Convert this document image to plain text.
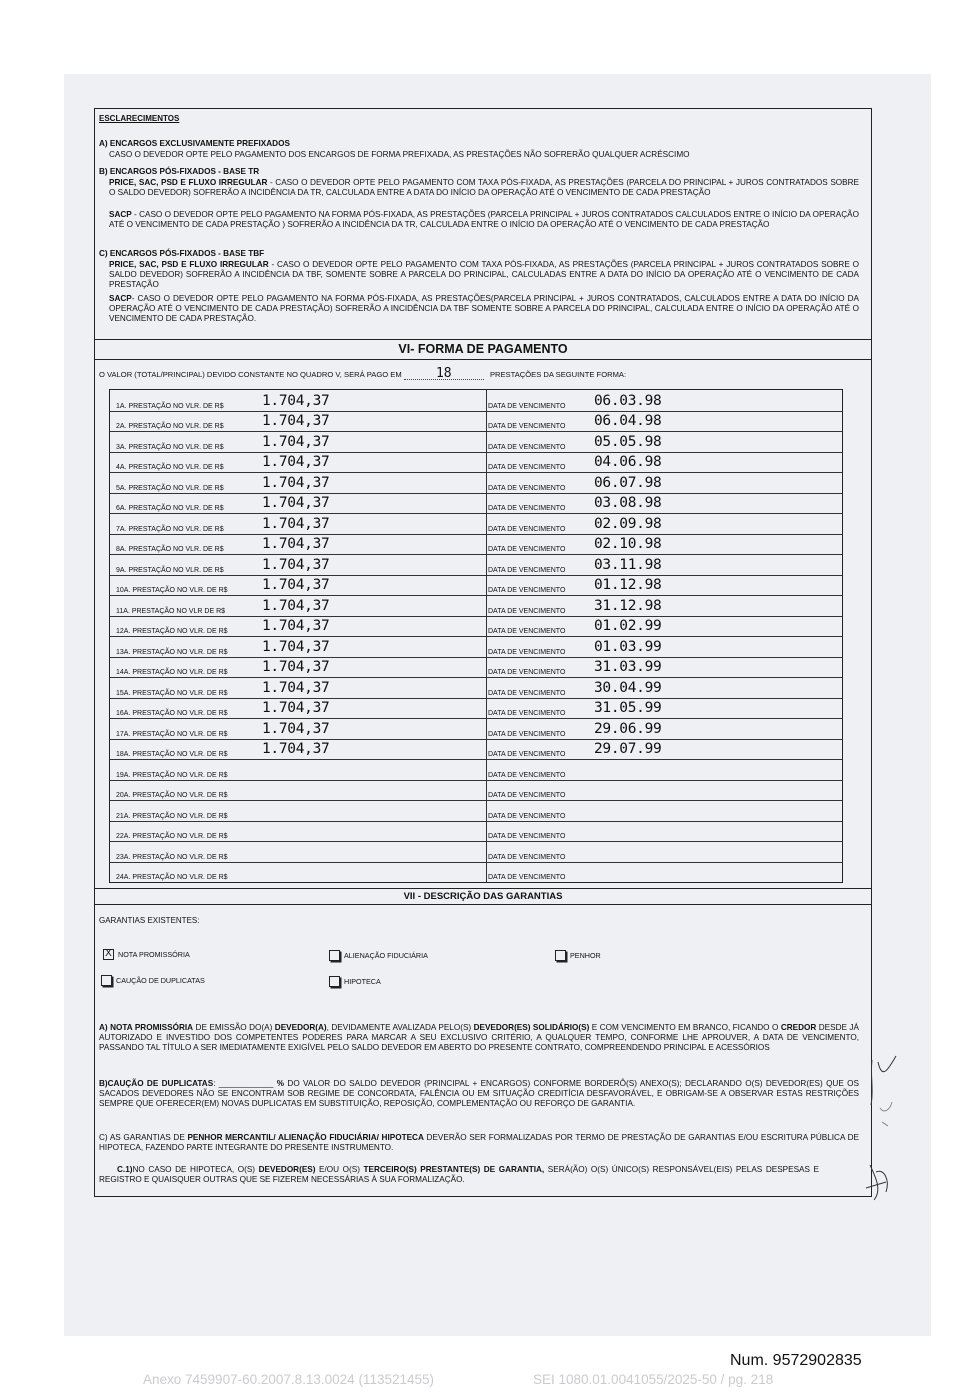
ESCLARECIMENTOS
A) ENCARGOS EXCLUSIVAMENTE PREFIXADOS
CASO O DEVEDOR OPTE PELO PAGAMENTO DOS ENCARGOS DE FORMA PREFIXADA, AS PRESTAÇÕES NÃO SOFRERÃO QUALQUER ACRÉSCIMO
B) ENCARGOS PÓS-FIXADOS - BASE TR
PRICE, SAC, PSD E FLUXO IRREGULAR - CASO O DEVEDOR OPTE PELO PAGAMENTO COM TAXA PÓS-FIXADA, AS PRESTAÇÕES (PARCELA DO PRINCIPAL + JUROS CONTRATADOS SOBRE O SALDO DEVEDOR) SOFRERÃO A INCIDÊNCIA DA TR, CALCULADA ENTRE A DATA DO INÍCIO DA OPERAÇÃO ATÉ O VENCIMENTO DE CADA PRESTAÇÃO
SACP - CASO O DEVEDOR OPTE PELO PAGAMENTO NA FORMA PÓS-FIXADA, AS PRESTAÇÕES (PARCELA PRINCIPAL + JUROS CONTRATADOS CALCULADOS ENTRE O INÍCIO DA OPERAÇÃO ATÉ O VENCIMENTO DE CADA PRESTAÇÃO ) SOFRERÃO A INCIDÊNCIA DA TR, CALCULADA ENTRE O INÍCIO DA OPERAÇÃO ATÉ O VENCIMENTO DE CADA PRESTAÇÃO
C) ENCARGOS PÓS-FIXADOS - BASE TBF
PRICE, SAC, PSD E FLUXO IRREGULAR - CASO O DEVEDOR OPTE PELO PAGAMENTO COM TAXA PÓS-FIXADA, AS PRESTAÇÕES (PARCELA PRINCIPAL + JUROS CONTRATADOS SOBRE O SALDO DEVEDOR) SOFRERÃO A INCIDÊNCIA DA TBF, SOMENTE SOBRE A PARCELA DO PRINCIPAL, CALCULADAS ENTRE A DATA DO INÍCIO DA OPERAÇÃO ATÉ O VENCIMENTO DE CADA PRESTAÇÃO
SACP- CASO O DEVEDOR OPTE PELO PAGAMENTO NA FORMA PÓS-FIXADA, AS PRESTAÇÕES(PARCELA PRINCIPAL + JUROS CONTRATADOS, CALCULADOS ENTRE A DATA DO INÍCIO DA OPERAÇÃO ATÉ O VENCIMENTO DE CADA PRESTAÇÃO) SOFRERÃO A INCIDÊNCIA DA TBF SOMENTE SOBRE A PARCELA DO PRINCIPAL, CALCULADA ENTRE O INÍCIO DA OPERAÇÃO ATÉ O VENCIMENTO DE CADA PRESTAÇÃO.
VI- FORMA DE PAGAMENTO
O VALOR (TOTAL/PRINCIPAL) DEVIDO CONSTANTE NO QUADRO V, SERÁ PAGO EM	18	PRESTAÇÕES DA SEGUINTE FORMA:
1A. PRESTAÇÃO NO VLR. DE R$	1.704,37	DATA DE VENCIMENTO 06.03.98
2A. PRESTAÇÃO NO VLR. DE R$	1.704,37	DATA DE VENCIMENTO 06.04.98
3A. PRESTAÇÃO NO VLR. DE R$	1.704,37	DATA DE VENCIMENTO 05.05.98
4A. PRESTAÇÃO NO VLR. DE R$	1.704,37	DATA DE VENCIMENTO 04.06.98
5A. PRESTAÇÃO NO VLR. DE R$	1.704,37	DATA DE VENCIMENTO 06.07.98
6A. PRESTAÇÃO NO VLR. DE R$	1.704,37	DATA DE VENCIMENTO 03.08.98
7A. PRESTAÇÃO NO VLR. DE R$	1.704,37	DATA DE VENCIMENTO 02.09.98
8A. PRESTAÇÃO NO VLR. DE R$	1.704,37	DATA DE VENCIMENTO 02.10.98
9A. PRESTAÇÃO NO VLR. DE R$	1.704,37	DATA DE VENCIMENTO 03.11.98
10A. PRESTAÇÃO NO VLR. DE R$ 1.704,37	DATA DE VENCIMENTO 01.12.98
11A. PRESTAÇÃO NO VLR DE R$	1.704,37	DATA DE VENCIMENTO 31.12.98
12A. PRESTAÇÃO NO VLR. DE R$ 1.704,37	DATA DE VENCIMENTO 01.02.99
13A. PRESTAÇÃO NO VLR. DE R$ 1.704,37	DATA DE VENCIMENTO 01.03.99
14A. PRESTAÇÃO NO VLR. DE R$ 1.704,37	DATA DE VENCIMENTO 31.03.99
15A. PRESTAÇÃO NO VLR. DE R$ 1.704,37	DATA DE VENCIMENTO 30.04.99
16A. PRESTAÇÃO NO VLR. DE R$ 1.704,37	DATA DE VENCIMENTO 31.05.99
17A. PRESTAÇÃO NO VLR. DE R$ 1.704,37	DATA DE VENCIMENTO 29.06.99
18A. PRESTAÇÃO NO VLR. DE R$ 1.704,37	DATA DE VENCIMENTO 29.07.99
19A. PRESTAÇÃO NO VLR. DE R$	DATA DE VENCIMENTO
20A. PRESTAÇÃO NO VLR. DE R$	DATA DE VENCIMENTO
21A. PRESTAÇÃO NO VLR. DE R$	DATA DE VENCIMENTO
22A. PRESTAÇÃO NO VLR. DE R$	DATA DE VENCIMENTO
23A. PRESTAÇÃO NO VLR. DE R$	DATA DE VENCIMENTO
24A. PRESTAÇÃO NO VLR. DE R$	DATA DE VENCIMENTO
VII - DESCRIÇÃO DAS GARANTIAS
GARANTIAS EXISTENTES:
X NOTA PROMISSÓRIA	ALIENAÇÃO FIDUCIÁRIA	PENHOR
CAUÇÃO DE DUPLICATAS	HIPOTECA
A) NOTA PROMISSÓRIA DE EMISSÃO DO(A) DEVEDOR(A), DEVIDAMENTE AVALIZADA PELO(S) DEVEDOR(ES) SOLIDÁRIO(S) E COM VENCIMENTO EM BRANCO, FICANDO O CREDOR DESDE JÁ AUTORIZADO E INVESTIDO DOS COMPETENTES PODERES PARA MARCAR A SEU EXCLUSIVO CRITÉRIO, A QUALQUER TEMPO, CONFORME LHE APROUVER, A DATA DE VENCIMENTO, PASSANDO TAL TÍTULO A SER IMEDIATAMENTE EXIGÍVEL PELO SALDO DEVEDOR EM ABERTO DO PRESENTE CONTRATO, COMPREENDENDO PRINCIPAL E ACESSÓRIOS
B)CAUÇÃO DE DUPLICATAS: ____________ % DO VALOR DO SALDO DEVEDOR (PRINCIPAL + ENCARGOS) CONFORME BORDERÔ(S) ANEXO(S); DECLARANDO O(S) DEVEDOR(ES) QUE OS SACADOS DEVEDORES NÃO SE ENCONTRAM SOB REGIME DE CONCORDATA, FALÊNCIA OU EM SITUAÇÃO CREDITÍCIA DESFAVORÁVEL, E OBRIGAM-SE A OBSERVAR ESTAS RESTRIÇÕES SEMPRE QUE OFERECER(EM) NOVAS DUPLICATAS EM SUBSTITUIÇÃO, REPOSIÇÃO, COMPLEMENTAÇÃO OU REFORÇO DE GARANTIA.
C) AS GARANTIAS DE PENHOR MERCANTIL/ ALIENAÇÃO FIDUCIÁRIA/ HIPOTECA DEVERÃO SER FORMALIZADAS POR TERMO DE PRESTAÇÃO DE GARANTIAS E/OU ESCRITURA PÚBLICA DE HIPOTECA, FAZENDO PARTE INTEGRANTE DO PRESENTE INSTRUMENTO.
C.1)NO CASO DE HIPOTECA, O(S) DEVEDOR(ES) E/OU O(S) TERCEIRO(S) PRESTANTE(S) DE GARANTIA, SERÁ(ÃO) O(S) ÚNICO(S) RESPONSÁVEL(EIS) PELAS DESPESAS E REGISTRO E QUAISQUER OUTRAS QUE SE FIZEREM NECESSÁRIAS À SUA FORMALIZAÇÃO.
Num. 9572902835
Anexo 7459907-60.2007.8.13.0024 (113521455)	SEI 1080.01.0041055/2025-50 / pg. 218
